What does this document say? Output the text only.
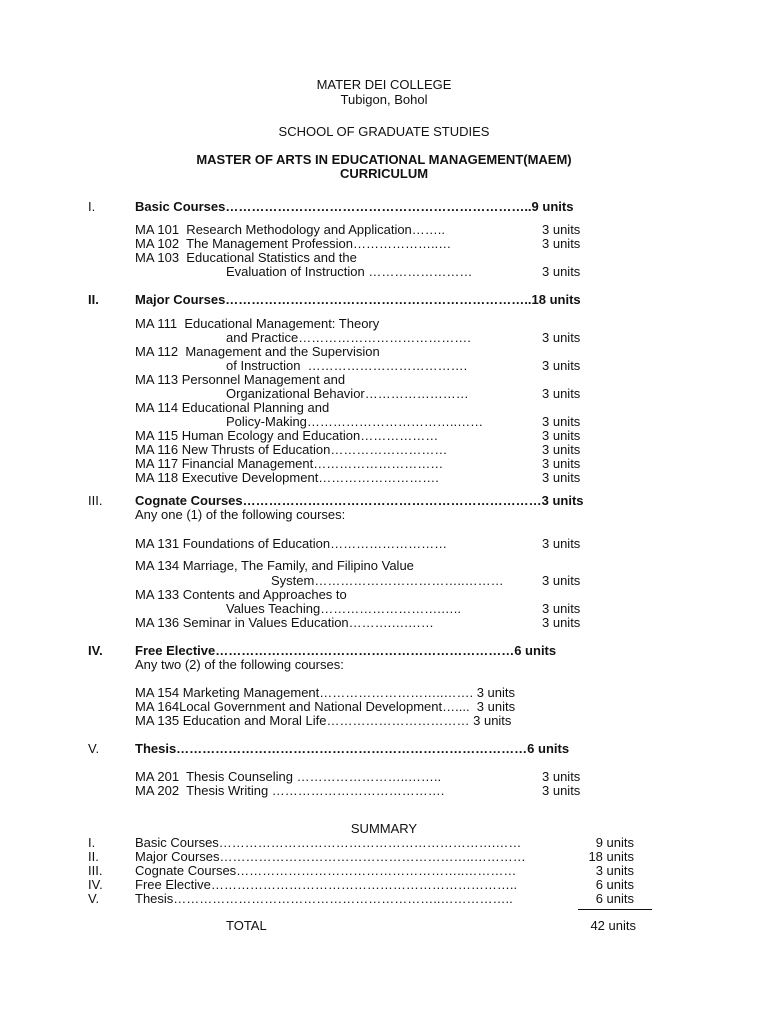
MATER DEI COLLEGE
Tubigon, Bohol
SCHOOL OF GRADUATE STUDIES
MASTER OF ARTS IN EDUCATIONAL MANAGEMENT(MAEM)
CURRICULUM
I.	Basic Courses……………………………………………………………..9 units
MA 101  Research Methodology and Application……..	3 units
MA 102  The Management Profession………………..…	3 units
MA 103  Educational Statistics and the
Evaluation of Instruction ……………………	3 units
II.	Major Courses……………………………………………………………..18 units
MA 111  Educational Management: Theory
and Practice………………………………….	3 units
MA 112  Management and the Supervision
of Instruction  ……………………………….	3 units
MA 113 Personnel Management and
Organizational Behavior……………………	3 units
MA 114 Educational Planning and
Policy-Making……………………………..……	3 units
MA 115 Human Ecology and Education………………	3 units
MA 116 New Thrusts of Education………………………	3 units
MA 117 Financial Management…………………………	3 units
MA 118 Executive Development……………………….	3 units
III.	Cognate Courses……………………………………………………………3 units
Any one (1) of the following courses:
MA 131 Foundations of Education………………………	3 units
MA 134 Marriage, The Family, and Filipino Value
System……………………………..………	3 units
MA 133 Contents and Approaches to
Values Teaching……………………….…..	3 units
MA 136 Seminar in Values Education……….….……	3 units
IV. Free Elective……………………………………………………………6 units
Any two (2) of the following courses:
MA 154 Marketing Management………………………..……. 3 units
MA 164Local Government and National Development…....  3 units
MA 135 Education and Moral Life…………………………… 3 units
V.	Thesis………………………………………………………………………6 units
MA 201  Thesis Counseling ……………………..……..	3 units
MA 202  Thesis Writing ………………………………….	3 units
SUMMARY
I.	Basic Courses……………………………………………………….……	9 units
II.	Major Courses…………………………………………………..…………	18 units
III.	Cognate Courses……………………………………………..…………	3 units
IV. Free Elective……………………………………………………………..	6 units
V.	Thesis……………………………………………………..……………..	6 units
TOTAL	42 units
